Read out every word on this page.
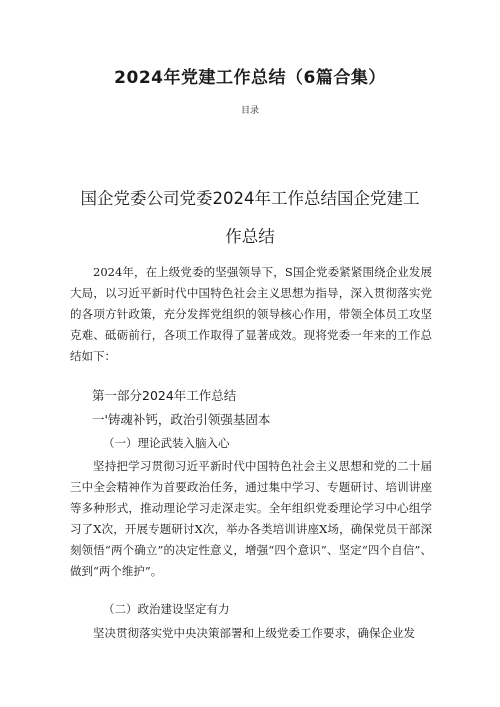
2024年党建工作总结（6篇合集）
目录
国企党委公司党委2024年工作总结国企党建工作总结

2024年，在上级党委的坚强领导下，S国企党委紧紧围绕企业发展大局，以习近平新时代中国特色社会主义思想为指导，深入贯彻落实党的各项方针政策，充分发挥党组织的领导核心作用，带领全体员工攻坚克难、砥砺前行，各项工作取得了显著成效。现将党委一年来的工作总结如下：

第一部分2024年工作总结
一'铸魂补钙，政治引领强基固本
（一）理论武装入脑入心

坚持把学习贯彻习近平新时代中国特色社会主义思想和党的二十届三中全会精神作为首要政治任务，通过集中学习、专题研讨、培训讲座等多种形式，推动理论学习走深走实。全年组织党委理论学习中心组学习了X次，开展专题研讨X次，举办各类培训讲座X场，确保党员干部深刻领悟“两个确立”的决定性意义，增强“四个意识”、坚定“四个自信”、做到“两个维护”。

（二）政治建设坚定有力

坚决贯彻落实党中央决策部署和上级党委工作要求，确保企业发
